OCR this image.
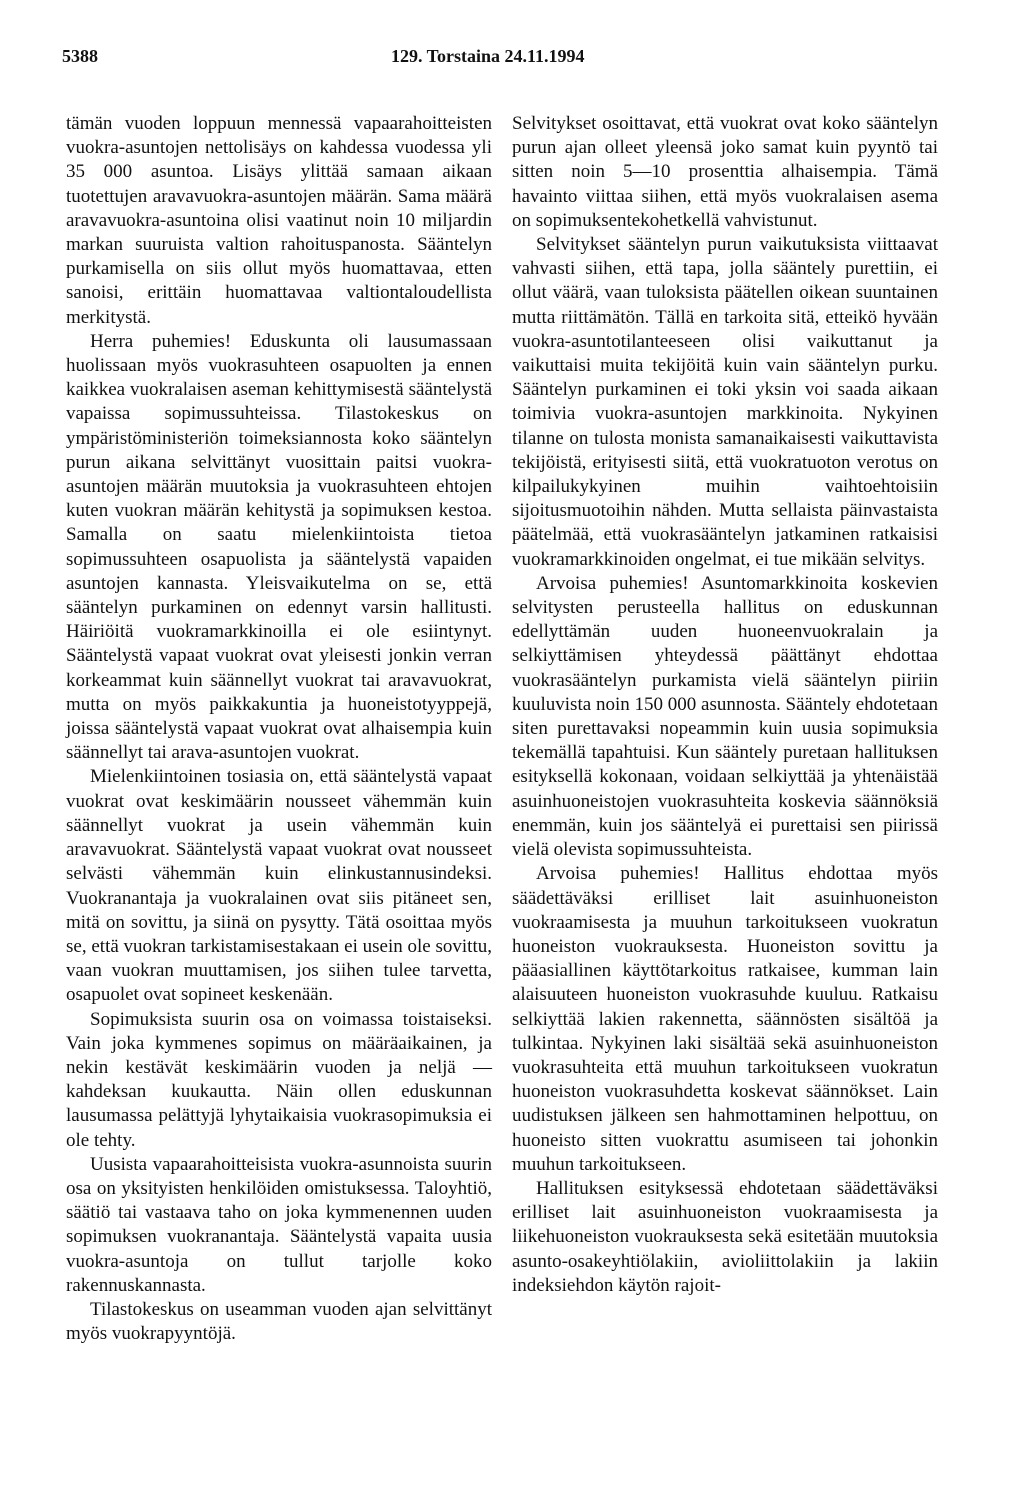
5388	129. Torstaina 24.11.1994

tämän vuoden loppuun mennessä vapaarahoitteisten vuokra-asuntojen nettolisäys on kahdessa vuodessa yli 35 000 asuntoa. Lisäys ylittää samaan aikaan tuotettujen aravavuokra-asuntojen määrän. Sama määrä aravavuokra-asuntoina olisi vaatinut noin 10 miljardin markan suuruista valtion rahoituspanosta. Sääntelyn purkamisella on siis ollut myös huomattavaa, etten sanoisi, erittäin huomattavaa valtiontaloudellista merkitystä.

Herra puhemies! Eduskunta oli lausumassaan huolissaan myös vuokrasuhteen osapuolten ja ennen kaikkea vuokralaisen aseman kehittymisestä sääntelystä vapaissa sopimussuhteissa. Tilastokeskus on ympäristöministeriön toimeksiannosta koko sääntelyn purun aikana selvittänyt vuosittain paitsi vuokra-asuntojen määrän muutoksia ja vuokrasuhteen ehtojen kuten vuokran määrän kehitystä ja sopimuksen kestoa. Samalla on saatu mielenkiintoista tietoa sopimussuhteen osapuolista ja sääntelystä vapaiden asuntojen kannasta. Yleisvaikutelma on se, että sääntelyn purkaminen on edennyt varsin hallitusti. Häiriöitä vuokramarkkinoilla ei ole esiintynyt. Sääntelystä vapaat vuokrat ovat yleisesti jonkin verran korkeammat kuin säännellyt vuokrat tai aravavuokrat, mutta on myös paikkakuntia ja huoneistotyyppejä, joissa sääntelystä vapaat vuokrat ovat alhaisempia kuin säännellyt tai arava-asuntojen vuokrat.

Mielenkiintoinen tosiasia on, että sääntelystä vapaat vuokrat ovat keskimäärin nousseet vähemmän kuin säännellyt vuokrat ja usein vähemmän kuin aravavuokrat. Sääntelystä vapaat vuokrat ovat nousseet selvästi vähemmän kuin elinkustannusindeksi. Vuokranantaja ja vuokralainen ovat siis pitäneet sen, mitä on sovittu, ja siinä on pysytty. Tätä osoittaa myös se, että vuokran tarkistamisestakaan ei usein ole sovittu, vaan vuokran muuttamisen, jos siihen tulee tarvetta, osapuolet ovat sopineet keskenään.

Sopimuksista suurin osa on voimassa toistaiseksi. Vain joka kymmenes sopimus on määräaikainen, ja nekin kestävät keskimäärin vuoden ja neljä — kahdeksan kuukautta. Näin ollen eduskunnan lausumassa pelättyjä lyhytaikaisia vuokrasopimuksia ei ole tehty.

Uusista vapaarahoitteisista vuokra-asunnoista suurin osa on yksityisten henkilöiden omistuksessa. Taloyhtiö, säätiö tai vastaava taho on joka kymmenennen uuden sopimuksen vuokranantaja. Sääntelystä vapaita uusia vuokra-asuntoja on tullut tarjolle koko rakennuskannasta.

Tilastokeskus on useamman vuoden ajan selvittänyt myös vuokrapyyntöjä.

Selvitykset osoittavat, että vuokrat ovat koko sääntelyn purun ajan olleet yleensä joko samat kuin pyyntö tai sitten noin 5—10 prosenttia alhaisempia. Tämä havainto viittaa siihen, että myös vuokralaisen asema on sopimuksentekohetkellä vahvistunut.

Selvitykset sääntelyn purun vaikutuksista viittaavat vahvasti siihen, että tapa, jolla sääntely purettiin, ei ollut väärä, vaan tuloksista päätellen oikean suuntainen mutta riittämätön. Tällä en tarkoita sitä, etteikö hyvään vuokra-asuntotilanteeseen olisi vaikuttanut ja vaikuttaisi muita tekijöitä kuin vain sääntelyn purku. Sääntelyn purkaminen ei toki yksin voi saada aikaan toimivia vuokra-asuntojen markkinoita. Nykyinen tilanne on tulosta monista samanaikaisesti vaikuttavista tekijöistä, erityisesti siitä, että vuokratuoton verotus on kilpailukykyinen muihin vaihtoehtoisiin sijoitusmuotoihin nähden. Mutta sellaista päinvastaista päätelmää, että vuokrasääntelyn jatkaminen ratkaisisi vuokramarkkinoiden ongelmat, ei tue mikään selvitys.

Arvoisa puhemies! Asuntomarkkinoita koskevien selvitysten perusteella hallitus on eduskunnan edellyttämän uuden huoneenvuokralain ja selkiyttämisen yhteydessä päättänyt ehdottaa vuokrasääntelyn purkamista vielä sääntelyn piiriin kuuluvista noin 150 000 asunnosta. Sääntely ehdotetaan siten purettavaksi nopeammin kuin uusia sopimuksia tekemällä tapahtuisi. Kun sääntely puretaan hallituksen esityksellä kokonaan, voidaan selkiyttää ja yhtenäistää asuinhuoneistojen vuokrasuhteita koskevia säännöksiä enemmän, kuin jos sääntelyä ei purettaisi sen piirissä vielä olevista sopimussuhteista.

Arvoisa puhemies! Hallitus ehdottaa myös säädettäväksi erilliset lait asuinhuoneiston vuokraamisesta ja muuhun tarkoitukseen vuokratun huoneiston vuokrauksesta. Huoneiston sovittu ja pääasiallinen käyttötarkoitus ratkaisee, kumman lain alaisuuteen huoneiston vuokrasuhde kuuluu. Ratkaisu selkiyttää lakien rakennetta, säännösten sisältöä ja tulkintaa. Nykyinen laki sisältää sekä asuinhuoneiston vuokrasuhteita että muuhun tarkoitukseen vuokratun huoneiston vuokrasuhdetta koskevat säännökset. Lain uudistuksen jälkeen sen hahmottaminen helpottuu, on huoneisto sitten vuokrattu asumiseen tai johonkin muuhun tarkoitukseen.

Hallituksen esityksessä ehdotetaan säädettäväksi erilliset lait asuinhuoneiston vuokraamisesta ja liikehuoneiston vuokrauksesta sekä esitetään muutoksia asunto-osakeyhtiölakiin, avioliittolakiin ja lakiin indeksiehdon käytön rajoit-
